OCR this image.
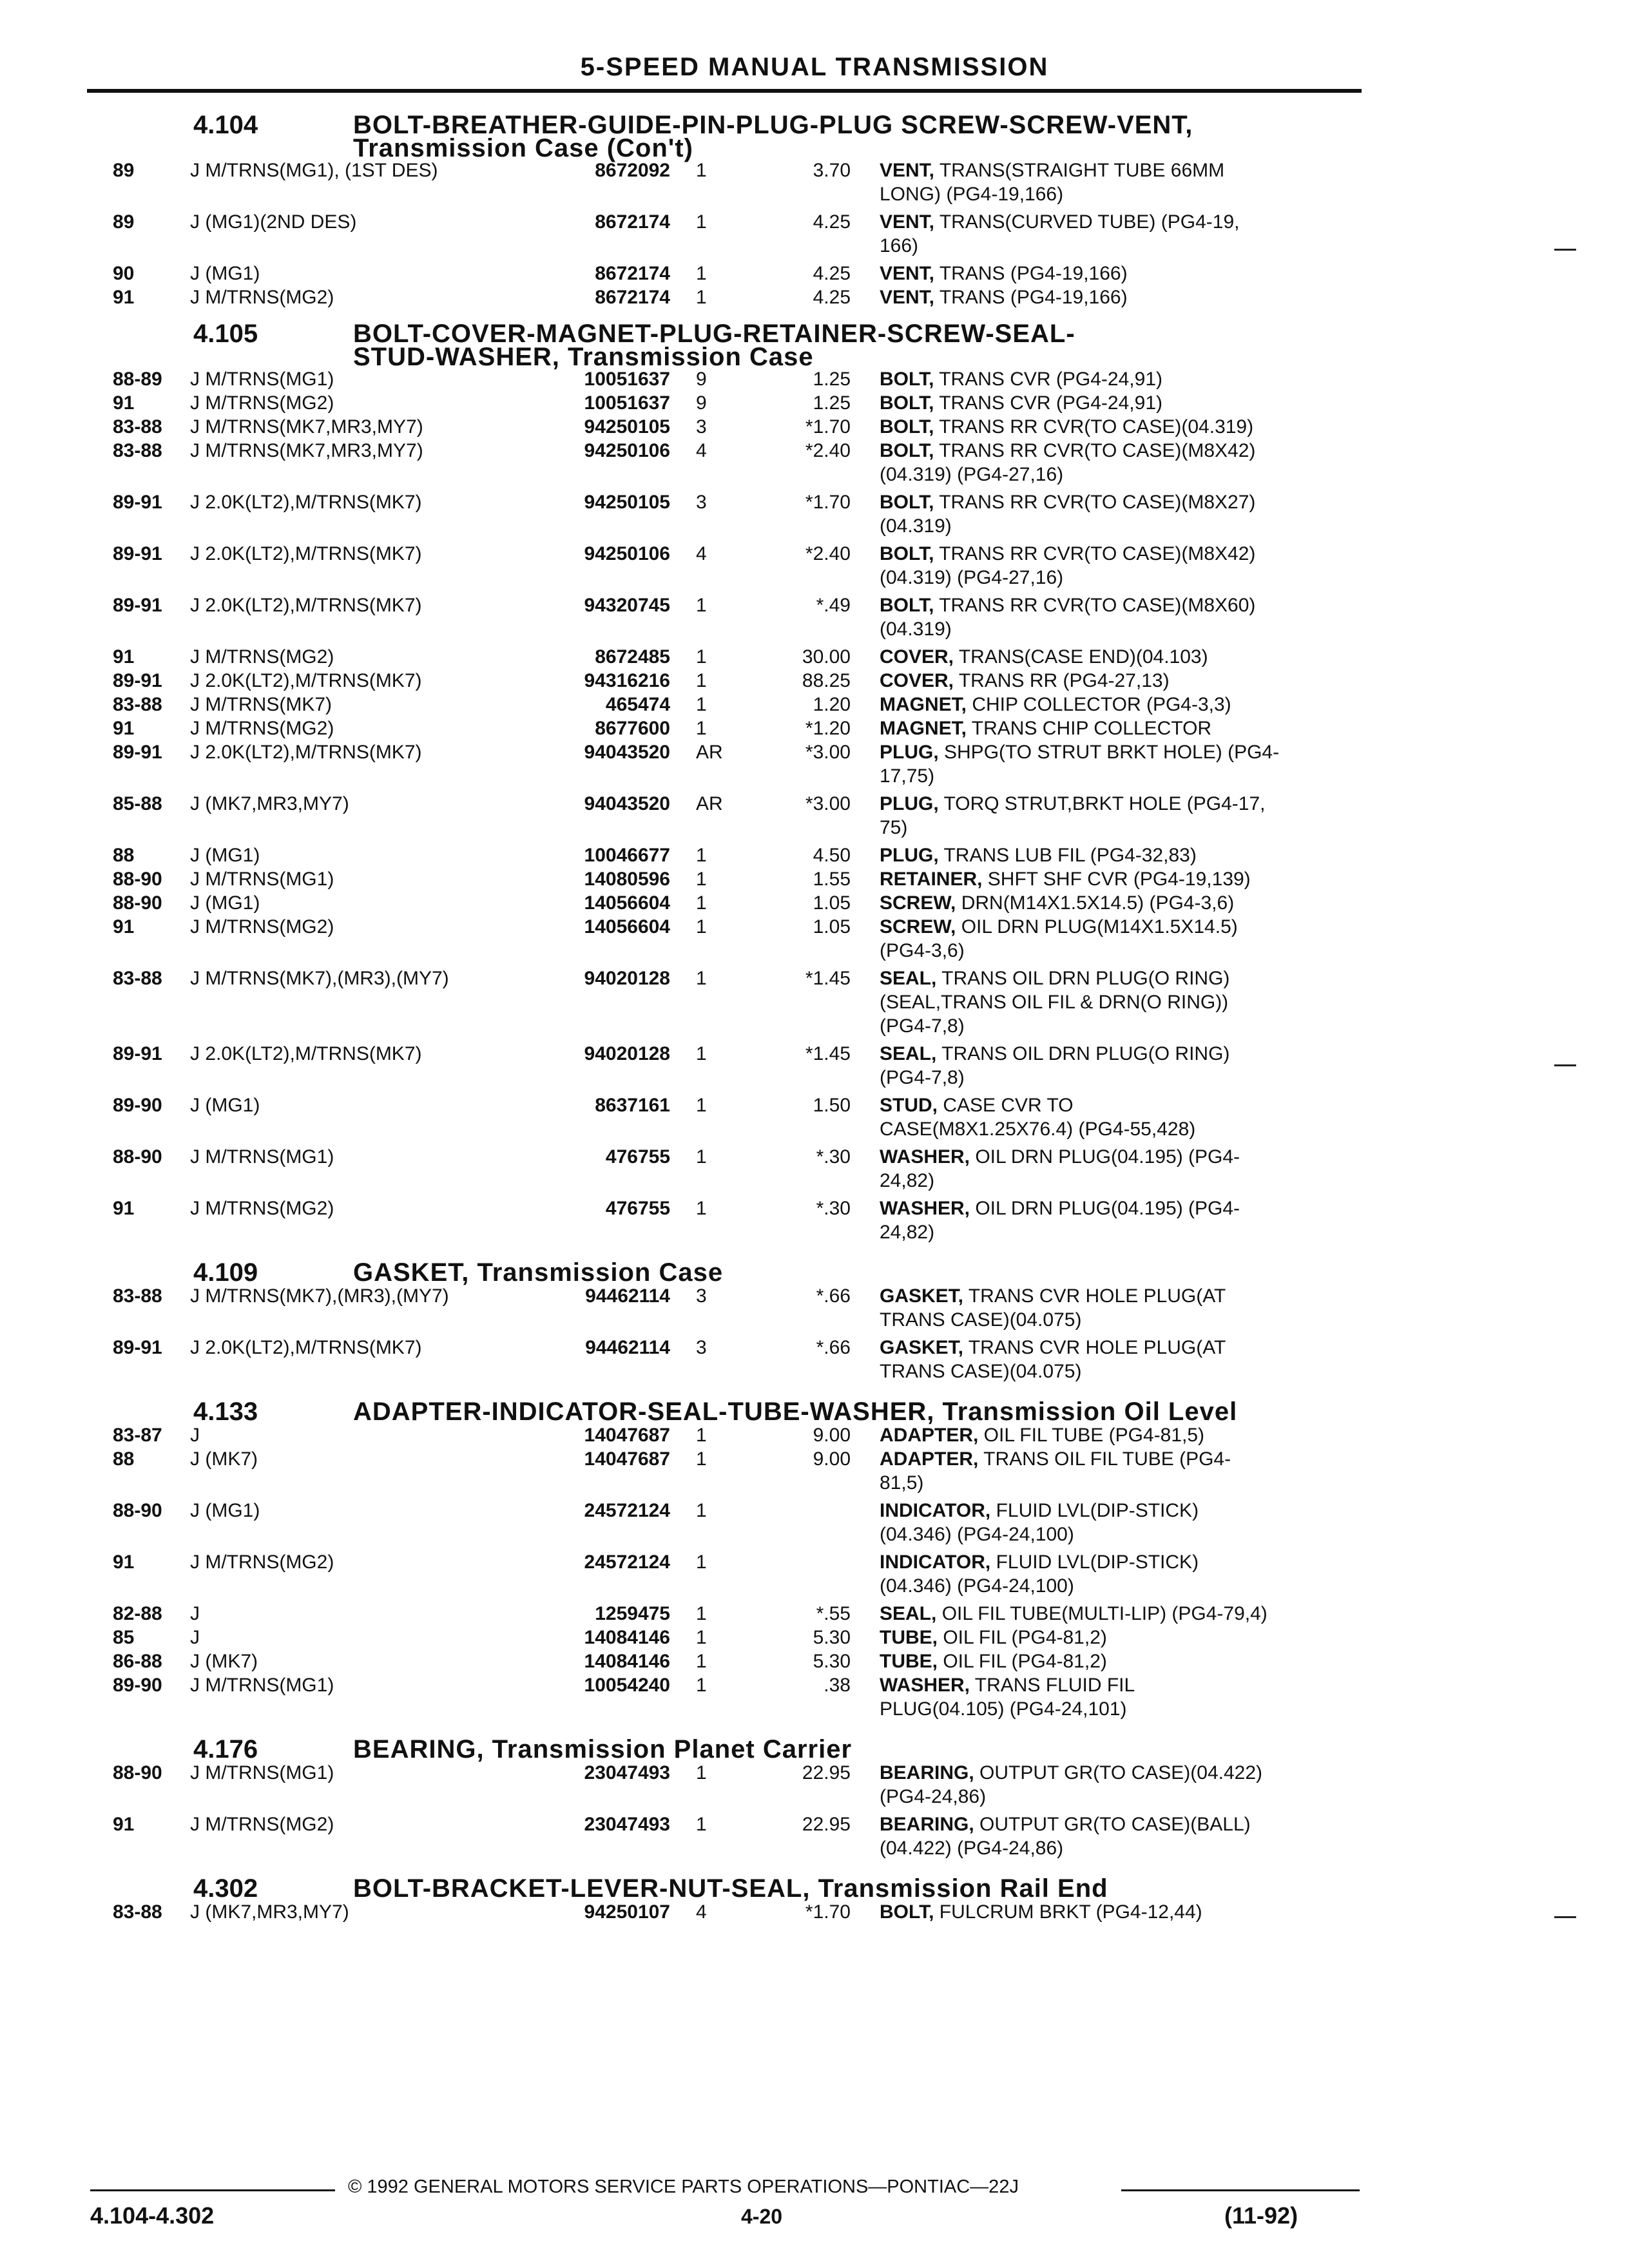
5-SPEED MANUAL TRANSMISSION
4.104	BOLT-BREATHER-GUIDE-PIN-PLUG-PLUG SCREW-SCREW-VENT,
Transmission Case (Con't)
89	J M/TRNS(MG1), (1ST DES)	8672092 1	3.70 VENT, TRANS(STRAIGHT TUBE 66MM
LONG) (PG4-19,166)
89	J (MG1)(2ND DES)	8672174 1	4.25 VENT, TRANS(CURVED TUBE) (PG4-19,
166)
90	J (MG1)	8672174 1	4.25 VENT, TRANS (PG4-19,166)
91	J M/TRNS(MG2)	8672174 1	4.25 VENT, TRANS (PG4-19,166)
4.105	BOLT-COVER-MAGNET-PLUG-RETAINER-SCREW-SEAL-
STUD-WASHER, Transmission Case
88-89	J M/TRNS(MG1)	10051637 9	1.25 BOLT, TRANS CVR (PG4-24,91)
91	J M/TRNS(MG2)	10051637 9	1.25 BOLT, TRANS CVR (PG4-24,91)
83-88	J M/TRNS(MK7,MR3,MY7)	94250105 3	*1.70 BOLT, TRANS RR CVR(TO CASE)(04.319)
83-88	J M/TRNS(MK7,MR3,MY7)	94250106 4	*2.40 BOLT, TRANS RR CVR(TO CASE)(M8X42)
(04.319) (PG4-27,16)
89-91	J 2.0K(LT2),M/TRNS(MK7)	94250105 3	*1.70 BOLT, TRANS RR CVR(TO CASE)(M8X27)
(04.319)
89-91	J 2.0K(LT2),M/TRNS(MK7)	94250106 4	*2.40 BOLT, TRANS RR CVR(TO CASE)(M8X42)
(04.319) (PG4-27,16)
89-91	J 2.0K(LT2),M/TRNS(MK7)	94320745 1	*.49 BOLT, TRANS RR CVR(TO CASE)(M8X60)
(04.319)
91	J M/TRNS(MG2)	8672485 1	30.00 COVER, TRANS(CASE END)(04.103)
89-91	J 2.0K(LT2),M/TRNS(MK7)	94316216 1	88.25 COVER, TRANS RR (PG4-27,13)
83-88	J M/TRNS(MK7)	465474 1	1.20 MAGNET, CHIP COLLECTOR (PG4-3,3)
91	J M/TRNS(MG2)	8677600 1	*1.20 MAGNET, TRANS CHIP COLLECTOR
89-91	J 2.0K(LT2),M/TRNS(MK7)	94043520 AR	*3.00 PLUG, SHPG(TO STRUT BRKT HOLE) (PG4-
17,75)
85-88	J (MK7,MR3,MY7)	94043520 AR	*3.00 PLUG, TORQ STRUT,BRKT HOLE (PG4-17,
75)
88	J (MG1)	10046677 1	4.50 PLUG, TRANS LUB FIL (PG4-32,83)
88-90	J M/TRNS(MG1)	14080596 1	1.55 RETAINER, SHFT SHF CVR (PG4-19,139)
88-90	J (MG1)	14056604 1	1.05 SCREW, DRN(M14X1.5X14.5) (PG4-3,6)
91	J M/TRNS(MG2)	14056604 1	1.05 SCREW, OIL DRN PLUG(M14X1.5X14.5)
(PG4-3,6)
83-88	J M/TRNS(MK7),(MR3),(MY7)	94020128 1	*1.45 SEAL, TRANS OIL DRN PLUG(O RING)
(SEAL,TRANS OIL FIL & DRN(O RING))
(PG4-7,8)
89-91	J 2.0K(LT2),M/TRNS(MK7)	94020128 1	*1.45 SEAL, TRANS OIL DRN PLUG(O RING)
(PG4-7,8)
89-90	J (MG1)	8637161 1	1.50 STUD, CASE CVR TO
CASE(M8X1.25X76.4) (PG4-55,428)
88-90	J M/TRNS(MG1)	476755 1	*.30 WASHER, OIL DRN PLUG(04.195) (PG4-
24,82)
91	J M/TRNS(MG2)	476755 1	*.30 WASHER, OIL DRN PLUG(04.195) (PG4-
24,82)
4.109	GASKET, Transmission Case
83-88	J M/TRNS(MK7),(MR3),(MY7)	94462114 3	*.66 GASKET, TRANS CVR HOLE PLUG(AT
TRANS CASE)(04.075)
89-91	J 2.0K(LT2),M/TRNS(MK7)	94462114 3	*.66 GASKET, TRANS CVR HOLE PLUG(AT
TRANS CASE)(04.075)
4.133	ADAPTER-INDICATOR-SEAL-TUBE-WASHER, Transmission Oil Level
83-87	J	14047687 1	9.00 ADAPTER, OIL FIL TUBE (PG4-81,5)
88	J (MK7)	14047687 1	9.00 ADAPTER, TRANS OIL FIL TUBE (PG4-
81,5)
88-90	J (MG1)	24572124 1	INDICATOR, FLUID LVL(DIP-STICK)
(04.346) (PG4-24,100)
91	J M/TRNS(MG2)	24572124 1	INDICATOR, FLUID LVL(DIP-STICK)
(04.346) (PG4-24,100)
82-88	J	1259475 1	*.55 SEAL, OIL FIL TUBE(MULTI-LIP) (PG4-79,4)
85	J	14084146 1	5.30 TUBE, OIL FIL (PG4-81,2)
86-88	J (MK7)	14084146 1	5.30 TUBE, OIL FIL (PG4-81,2)
89-90	J M/TRNS(MG1)	10054240 1	.38 WASHER, TRANS FLUID FIL
PLUG(04.105) (PG4-24,101)
4.176	BEARING, Transmission Planet Carrier
88-90	J M/TRNS(MG1)	23047493 1	22.95 BEARING, OUTPUT GR(TO CASE)(04.422)
(PG4-24,86)
91	J M/TRNS(MG2)	23047493 1	22.95 BEARING, OUTPUT GR(TO CASE)(BALL)
(04.422) (PG4-24,86)
4.302	BOLT-BRACKET-LEVER-NUT-SEAL, Transmission Rail End
83-88	J (MK7,MR3,MY7)	94250107 4	*1.70 BOLT, FULCRUM BRKT (PG4-12,44)
© 1992 GENERAL MOTORS SERVICE PARTS OPERATIONS—PONTIAC—22J
4.104-4.302	4-20	(11-92)
